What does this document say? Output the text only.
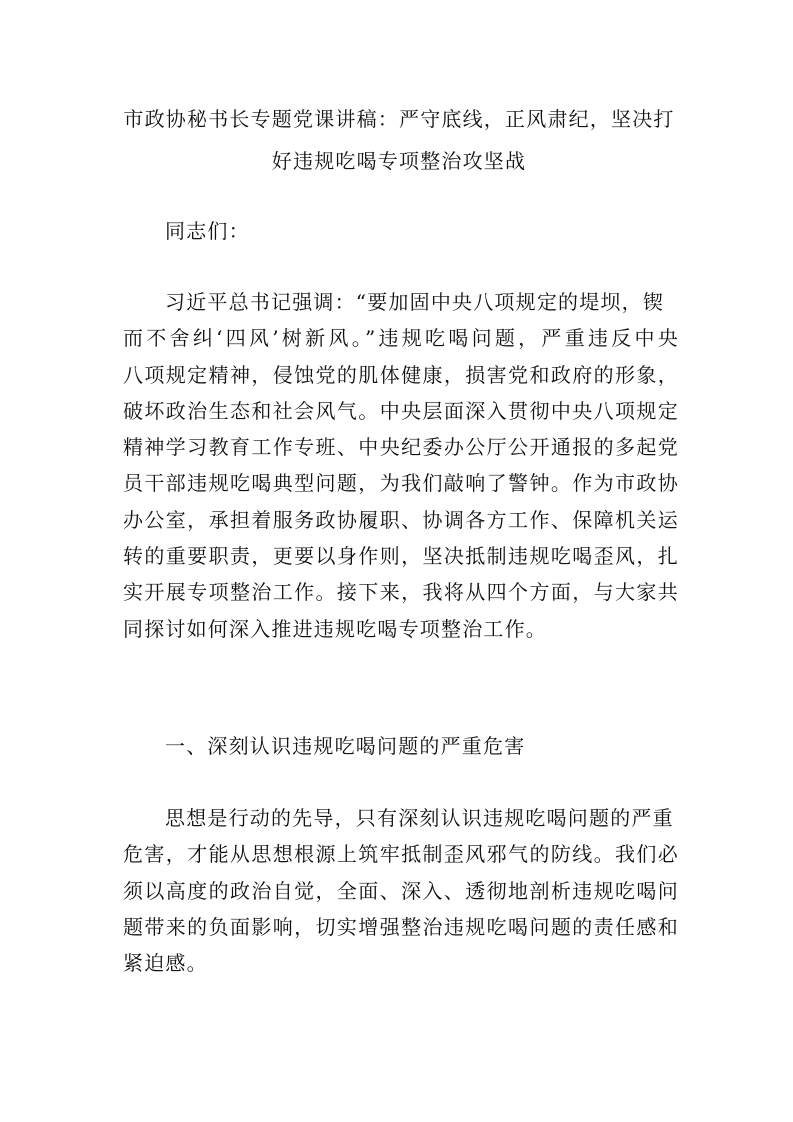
市政协秘书长专题党课讲稿：严守底线，正风肃纪，坚决打
好违规吃喝专项整治攻坚战

同志们：

习近平总书记强调：“要加固中央八项规定的堤坝，锲
而不舍纠‘四风’树新风。”违规吃喝问题，严重违反中央
八项规定精神，侵蚀党的肌体健康，损害党和政府的形象，
破坏政治生态和社会风气。中央层面深入贯彻中央八项规定
精神学习教育工作专班、中央纪委办公厅公开通报的多起党
员干部违规吃喝典型问题，为我们敲响了警钟。作为市政协
办公室，承担着服务政协履职、协调各方工作、保障机关运
转的重要职责，更要以身作则，坚决抵制违规吃喝歪风，扎
实开展专项整治工作。接下来，我将从四个方面，与大家共
同探讨如何深入推进违规吃喝专项整治工作。

一、深刻认识违规吃喝问题的严重危害

思想是行动的先导，只有深刻认识违规吃喝问题的严重
危害，才能从思想根源上筑牢抵制歪风邪气的防线。我们必
须以高度的政治自觉，全面、深入、透彻地剖析违规吃喝问
题带来的负面影响，切实增强整治违规吃喝问题的责任感和
紧迫感。
